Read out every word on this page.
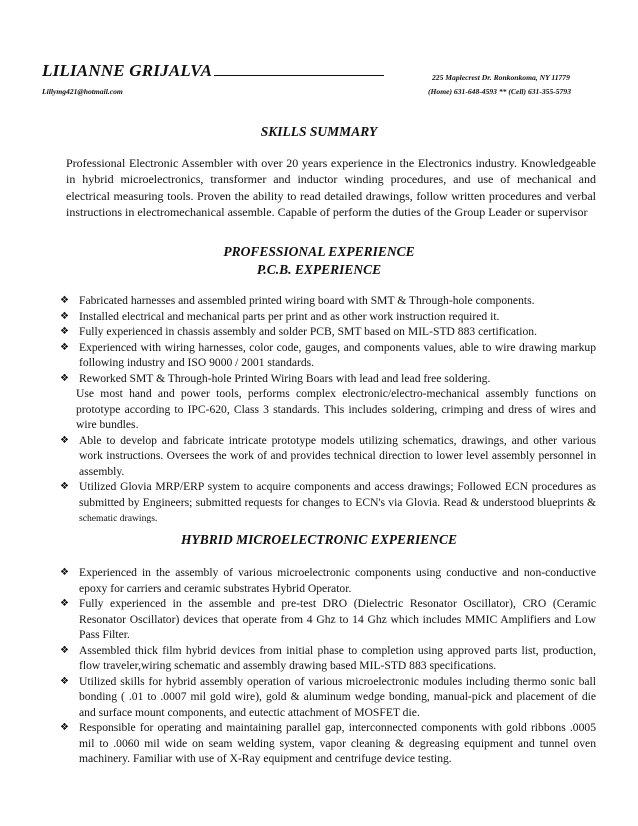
LILIANNE GRIJALVA	225 Maplecrest Dr. Ronkonkoma, NY 11779
Lillymg421@hotmail.com	(Home) 631-648-4593 ** (Cell) 631-355-5793
SKILLS SUMMARY
Professional Electronic Assembler with over 20 years experience in the Electronics industry. Knowledgeable in hybrid microelectronics, transformer and inductor winding procedures, and use of mechanical and electrical measuring tools. Proven the ability to read detailed drawings, follow written procedures and verbal instructions in electromechanical assemble. Capable of perform the duties of the Group Leader or supervisor
PROFESSIONAL EXPERIENCE
P.C.B. EXPERIENCE
❖ Fabricated harnesses and assembled printed wiring board with SMT & Through-hole components.
❖ Installed electrical and mechanical parts per print and as other work instruction required it.
❖ Fully experienced in chassis assembly and solder PCB, SMT based on MIL-STD 883 certification.
❖ Experienced with wiring harnesses, color code, gauges, and components values, able to wire drawing markup following industry and ISO 9000 / 2001 standards.
❖ Reworked SMT & Through-hole Printed Wiring Boars with lead and lead free soldering.
Use most hand and power tools, performs complex electronic/electro-mechanical assembly functions on prototype according to IPC-620, Class 3 standards. This includes soldering, crimping and dress of wires and wire bundles.
❖ Able to develop and fabricate intricate prototype models utilizing schematics, drawings, and other various work instructions. Oversees the work of and provides technical direction to lower level assembly personnel in assembly.
❖ Utilized Glovia MRP/ERP system to acquire components and access drawings; Followed ECN procedures as submitted by Engineers; submitted requests for changes to ECN's via Glovia. Read & understood blueprints & schematic drawings.
HYBRID MICROELECTRONIC EXPERIENCE
❖ Experienced in the assembly of various microelectronic components using conductive and non-conductive epoxy for carriers and ceramic substrates Hybrid Operator.
❖ Fully experienced in the assemble and pre-test DRO (Dielectric Resonator Oscillator), CRO (Ceramic Resonator Oscillator) devices that operate from 4 Ghz to 14 Ghz which includes MMIC Amplifiers and Low Pass Filter.
❖ Assembled thick film hybrid devices from initial phase to completion using approved parts list, production, flow traveler,wiring schematic and assembly drawing based MIL-STD 883 specifications.
❖ Utilized skills for hybrid assembly operation of various microelectronic modules including thermo sonic ball bonding ( .01 to .0007 mil gold wire), gold & aluminum wedge bonding, manual-pick and placement of die and surface mount components, and eutectic attachment of MOSFET die.
❖ Responsible for operating and maintaining parallel gap, interconnected components with gold ribbons .0005 mil to .0060 mil wide on seam welding system, vapor cleaning & degreasing equipment and tunnel oven machinery. Familiar with use of X-Ray equipment and centrifuge device testing.
